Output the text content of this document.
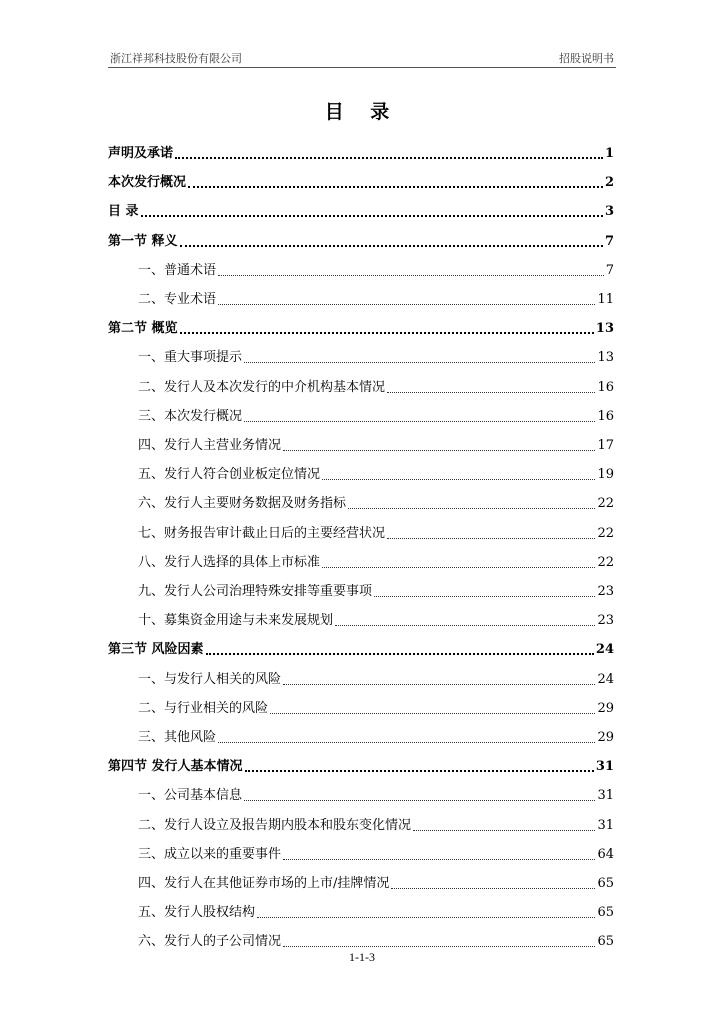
浙江祥邦科技股份有限公司	招股说明书
目 录
声明及承诺	1
本次发行概况	2
目 录	3
第一节 释义	7
一、普通术语	7
二、专业术语	11
第二节 概览	13
一、重大事项提示	13
二、发行人及本次发行的中介机构基本情况	16
三、本次发行概况	16
四、发行人主营业务情况	17
五、发行人符合创业板定位情况	19
六、发行人主要财务数据及财务指标	22
七、财务报告审计截止日后的主要经营状况	22
八、发行人选择的具体上市标准	22
九、发行人公司治理特殊安排等重要事项	23
十、募集资金用途与未来发展规划	23
第三节 风险因素	24
一、与发行人相关的风险	24
二、与行业相关的风险	29
三、其他风险	29
第四节 发行人基本情况	31
一、公司基本信息	31
二、发行人设立及报告期内股本和股东变化情况	31
三、成立以来的重要事件	64
四、发行人在其他证券市场的上市/挂牌情况	65
五、发行人股权结构	65
六、发行人的子公司情况	65
1-1-3
